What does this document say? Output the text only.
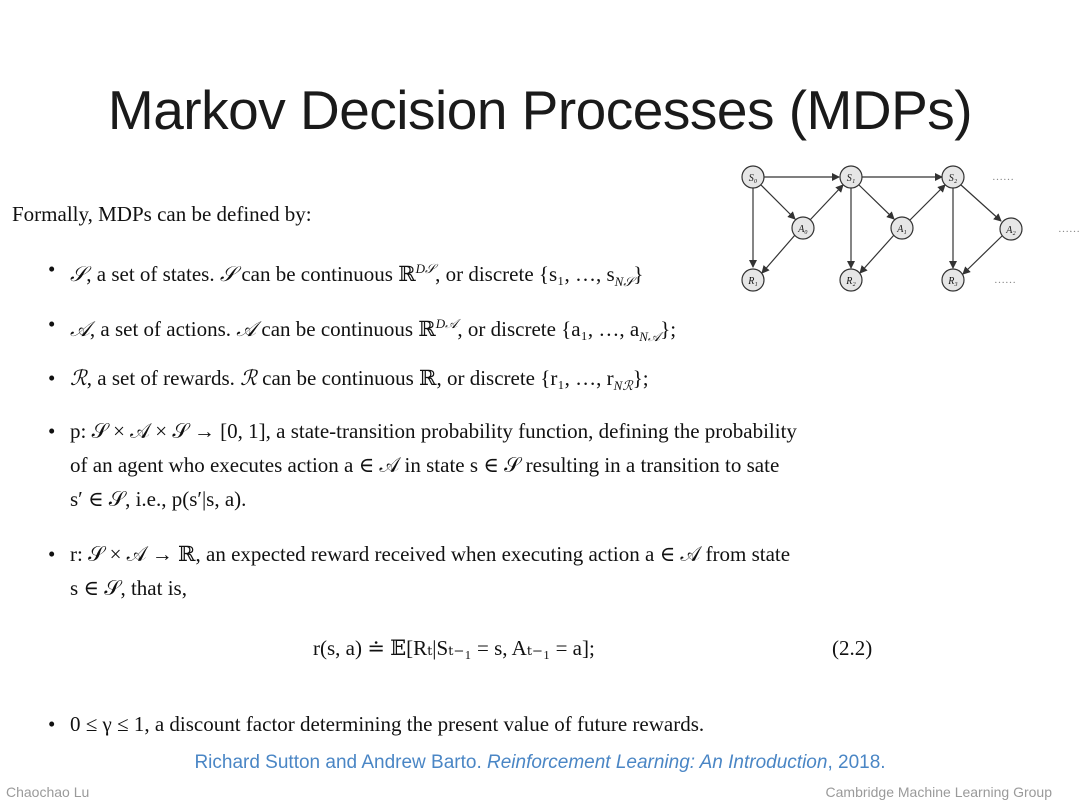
Markov Decision Processes (MDPs)
Formally, MDPs can be defined by:
• 𝒮, a set of states. 𝒮 can be continuous ℝ$^{D𝒮}$, or discrete {s₁, …, $s_{N𝒮}$}
• 𝒜, a set of actions. 𝒜 can be continuous ℝ$^{D𝒜}$, or discrete {a₁, …, $a_{N𝒜}$};
• ℛ, a set of rewards. ℛ can be continuous ℝ, or discrete {r₁, …, $r_{Nℛ}$};
• p: 𝒮 × 𝒜 × 𝒮 → [0, 1], a state-transition probability function, defining the probability
of an agent who executes action a ∈ 𝒜 in state s ∈ 𝒮 resulting in a transition to sate
s′ ∈ 𝒮, i.e., p(s′|s, a).
• r: 𝒮 × 𝒜 → ℝ, an expected reward received when executing action a ∈ 𝒜 from state
s ∈ 𝒮, that is,
r(s, a) ≐ 𝔼[Rₜ|Sₜ₋₁ = s, Aₜ₋₁ = a];	(2.2)
• 0 ≤ γ ≤ 1, a discount factor determining the present value of future rewards.
Richard Sutton and Andrew Barto. Reinforcement Learning: An Introduction, 2018.
Chaochao Lu	Cambridge Machine Learning Group
S₀	S₁	S₂
A₀	A₁	A₂
R₁	R₂	R₃
……
……
……
